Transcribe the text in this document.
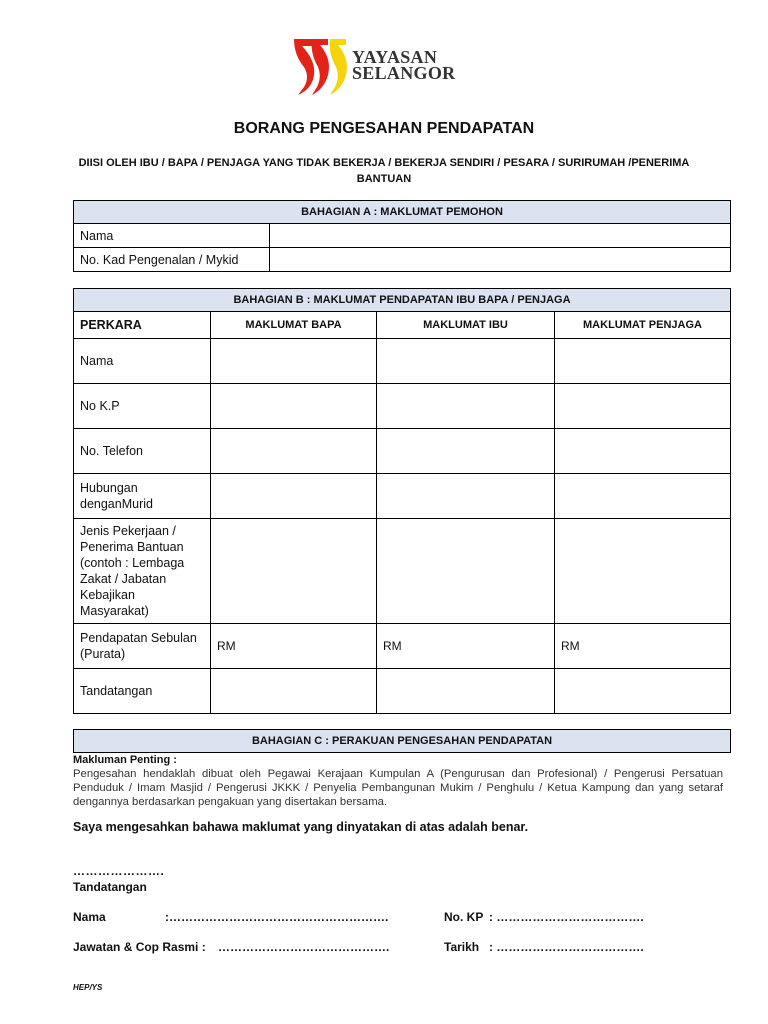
YAYASAN
SELANGOR
BORANG PENGESAHAN PENDAPATAN
DIISI OLEH IBU / BAPA / PENJAGA YANG TIDAK BEKERJA / BEKERJA SENDIRI / PESARA / SURIRUMAH /PENERIMA BANTUAN
BAHAGIAN A : MAKLUMAT PEMOHON	
Nama	
No. Kad Pengenalan / Mykid	
BAHAGIAN B : MAKLUMAT PENDAPATAN IBU BAPA / PENJAGA			
PERKARA	MAKLUMAT BAPA	MAKLUMAT IBU	MAKLUMAT PENJAGA
Nama			
No K.P			
No. Telefon			
Hubungan denganMurid			
Jenis Pekerjaan / Penerima Bantuan (contoh : Lembaga Zakat / Jabatan Kebajikan Masyarakat)			
Pendapatan Sebulan (Purata)	RM	RM	RM
Tandatangan			
BAHAGIAN C : PERAKUAN PENGESAHAN PENDAPATAN
Makluman Penting :
Pengesahan hendaklah dibuat oleh Pegawai Kerajaan Kumpulan A (Pengurusan dan Profesional) / Pengerusi Persatuan Penduduk / Imam Masjid / Pengerusi JKKK / Penyelia Pembangunan Mukim / Penghulu / Ketua Kampung dan yang setaraf dengannya berdasarkan pengakuan yang disertakan bersama.
Saya mengesahkan bahawa maklumat yang dinyatakan di atas adalah benar.
………………….
Tandatangan
Nama	:……………………………………………….	No. KP : ……………………………….
Jawatan & Cop Rasmi : …………………………………….	Tarikh : ……………………………….
HEP/YS
